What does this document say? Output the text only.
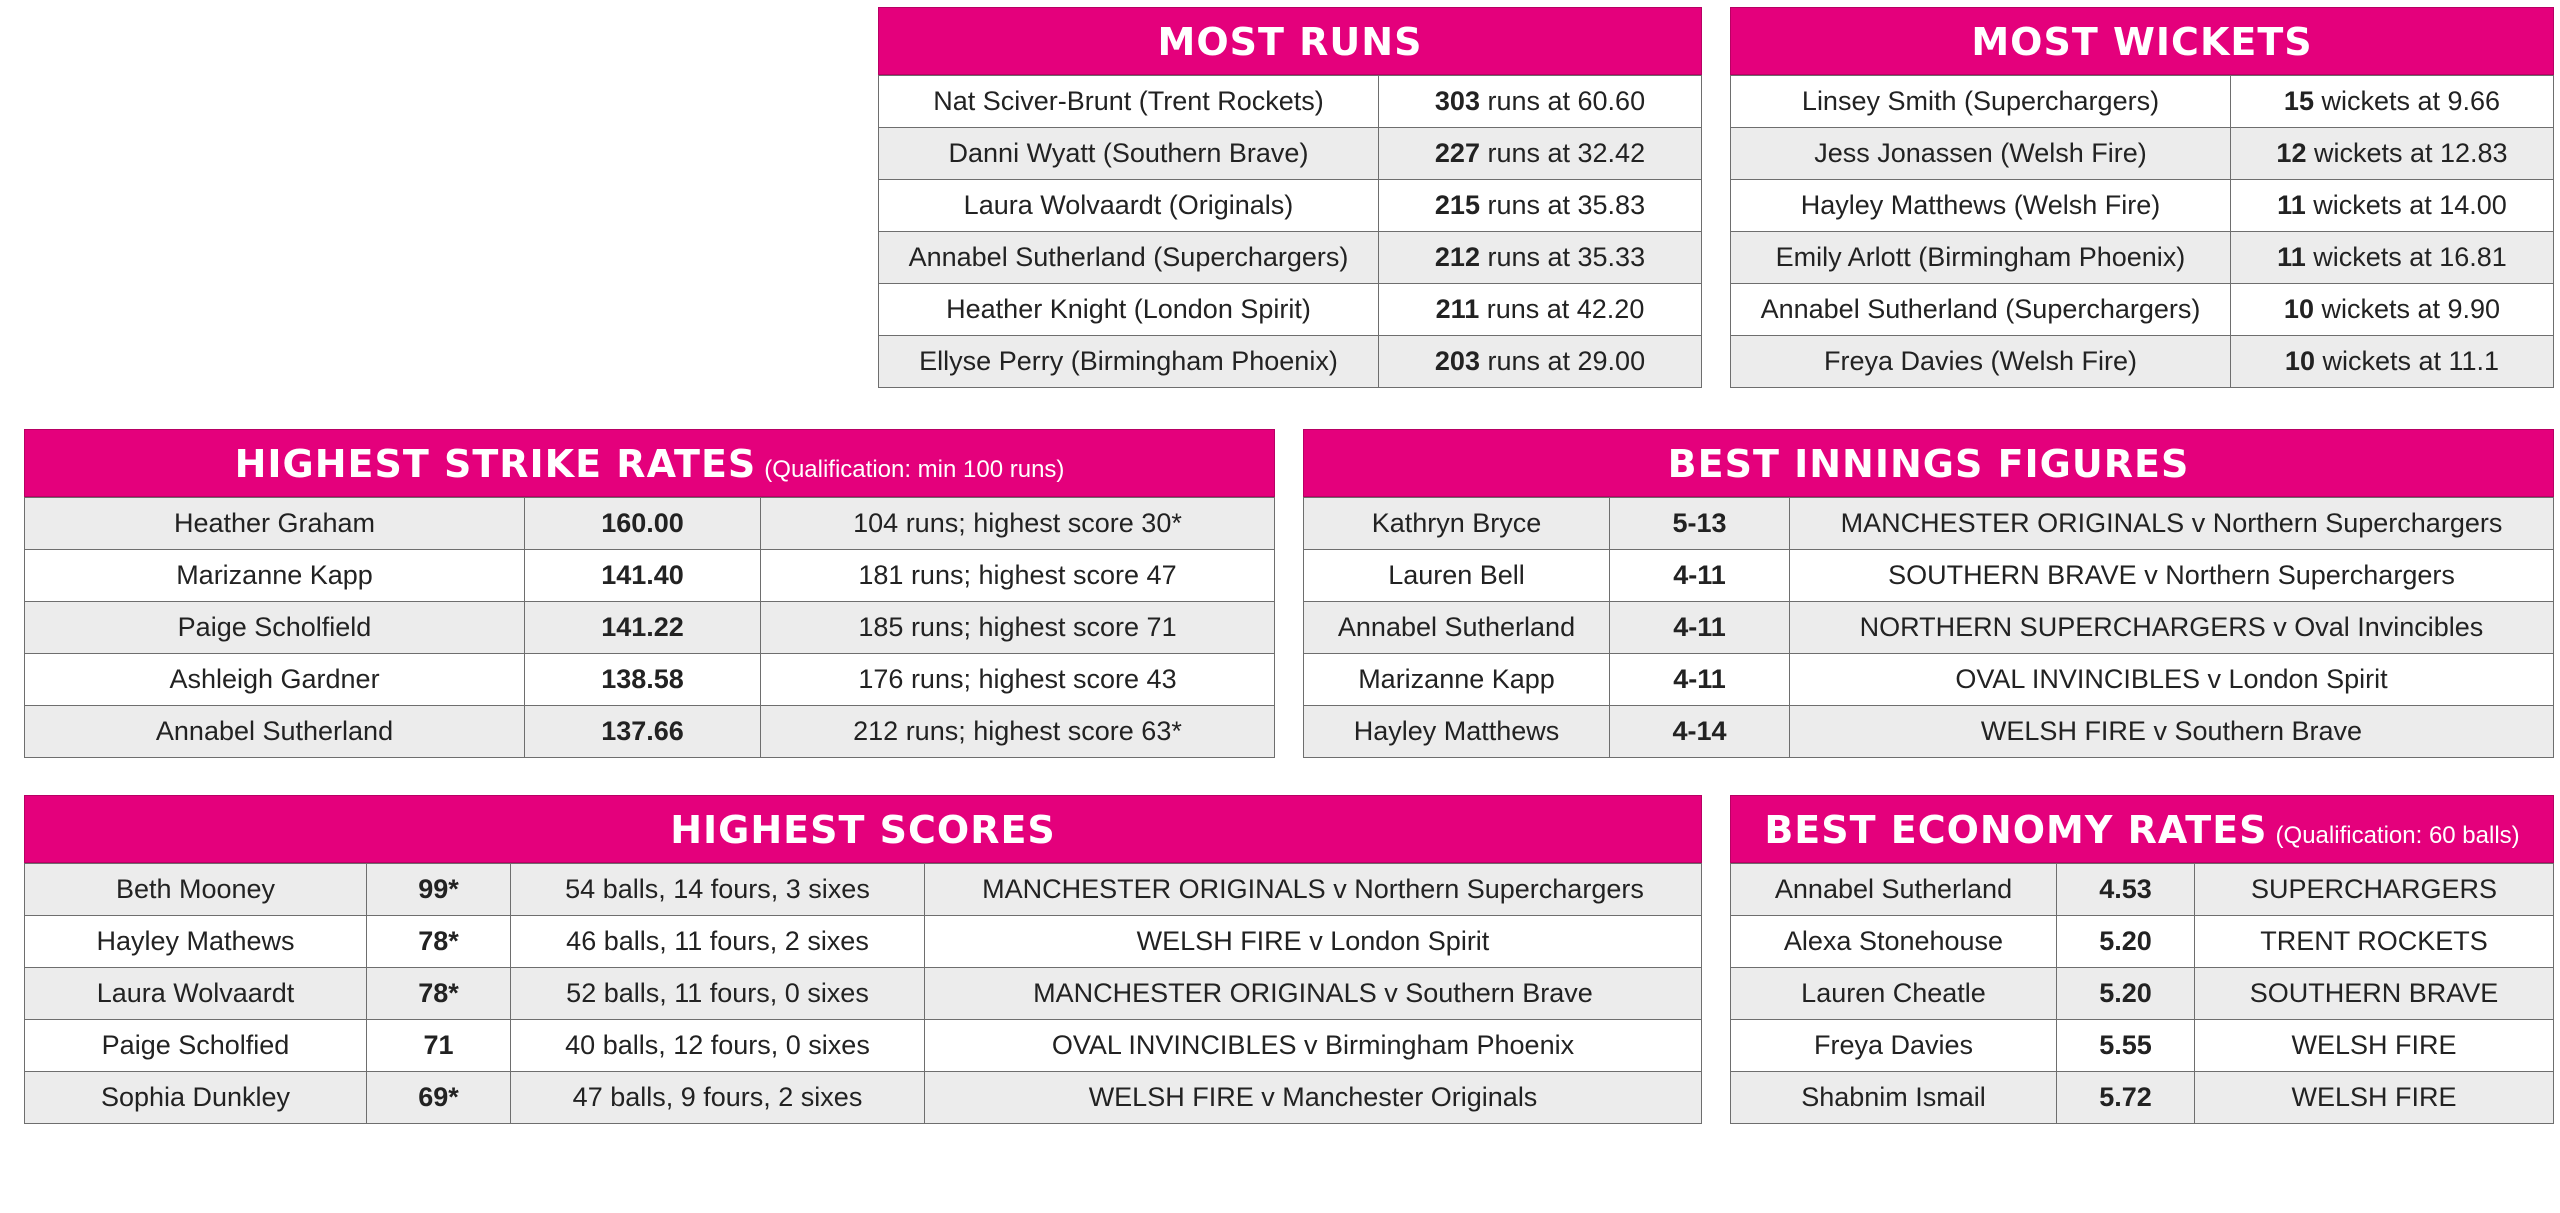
MOST RUNS
Nat Sciver-Brunt (Trent Rockets)	303 runs at 60.60
Danni Wyatt (Southern Brave)	227 runs at 32.42
Laura Wolvaardt (Originals)	215 runs at 35.83
Annabel Sutherland (Superchargers)	212 runs at 35.33
Heather Knight (London Spirit)	211 runs at 42.20
Ellyse Perry (Birmingham Phoenix)	203 runs at 29.00
MOST WICKETS
Linsey Smith (Superchargers)	15 wickets at 9.66
Jess Jonassen (Welsh Fire)	12 wickets at 12.83
Hayley Matthews (Welsh Fire)	11 wickets at 14.00
Emily Arlott (Birmingham Phoenix)	11 wickets at 16.81
Annabel Sutherland (Superchargers)	10 wickets at 9.90
Freya Davies (Welsh Fire)	10 wickets at 11.1
HIGHEST STRIKE RATES (Qualification: min 100 runs)
Heather Graham	160.00	104 runs; highest score 30*
Marizanne Kapp	141.40	181 runs; highest score 47
Paige Scholfield	141.22	185 runs; highest score 71
Ashleigh Gardner	138.58	176 runs; highest score 43
Annabel Sutherland	137.66	212 runs; highest score 63*
BEST INNINGS FIGURES
Kathryn Bryce	5-13	MANCHESTER ORIGINALS v Northern Superchargers
Lauren Bell	4-11	SOUTHERN BRAVE v Northern Superchargers
Annabel Sutherland	4-11	NORTHERN SUPERCHARGERS v Oval Invincibles
Marizanne Kapp	4-11	OVAL INVINCIBLES v London Spirit
Hayley Matthews	4-14	WELSH FIRE v Southern Brave
HIGHEST SCORES
Beth Mooney	99*	54 balls, 14 fours, 3 sixes	MANCHESTER ORIGINALS v Northern Superchargers
Hayley Mathews	78*	46 balls, 11 fours, 2 sixes	WELSH FIRE v London Spirit
Laura Wolvaardt	78*	52 balls, 11 fours, 0 sixes	MANCHESTER ORIGINALS v Southern Brave
Paige Scholfied	71	40 balls, 12 fours, 0 sixes	OVAL INVINCIBLES v Birmingham Phoenix
Sophia Dunkley	69*	47 balls, 9 fours, 2 sixes	WELSH FIRE v Manchester Originals
BEST ECONOMY RATES (Qualification: 60 balls)
Annabel Sutherland	4.53	SUPERCHARGERS
Alexa Stonehouse	5.20	TRENT ROCKETS
Lauren Cheatle	5.20	SOUTHERN BRAVE
Freya Davies	5.55	WELSH FIRE
Shabnim Ismail	5.72	WELSH FIRE
